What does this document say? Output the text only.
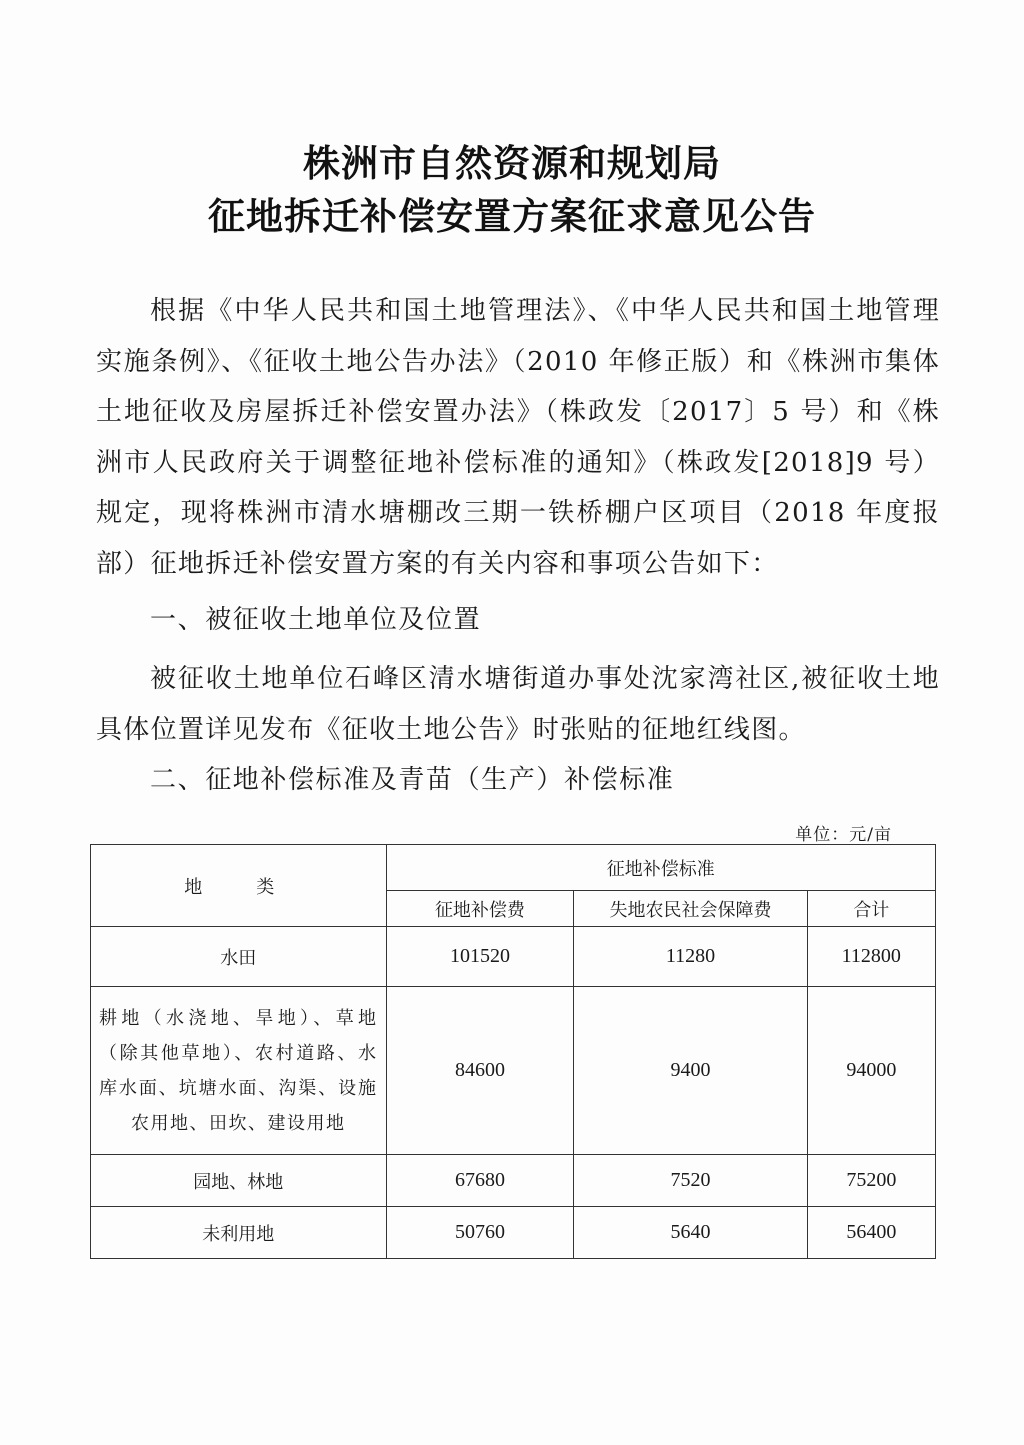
株洲市自然资源和规划局
征地拆迁补偿安置方案征求意见公告
根据《中华人民共和国土地管理法》、《中华人民共和国土地管理实施条例》、《征收土地公告办法》（2010 年修正版）和《株洲市集体土地征收及房屋拆迁补偿安置办法》（株政发〔2017〕5 号）和《株洲市人民政府关于调整征地补偿标准的通知》（株政发[2018]9 号）规定，现将株洲市清水塘棚改三期一铁桥棚户区项目（2018 年度报部）征地拆迁补偿安置方案的有关内容和事项公告如下：
一、被征收土地单位及位置
被征收土地单位石峰区清水塘街道办事处沈家湾社区,被征收土地具体位置详见发布《征收土地公告》时张贴的征地红线图。
二、征地补偿标准及青苗（生产）补偿标准
单位：元/亩
地　类	征地补偿标准		
	征地补偿费	失地农民社会保障费	合计
水田	101520	11280	112800
耕地（水浇地、旱地）、草地（除其他草地）、农村道路、水库水面、坑塘水面、沟渠、设施农用地、田坎、建设用地	84600	9400	94000
园地、林地	67680	7520	75200
未利用地	50760	5640	56400
